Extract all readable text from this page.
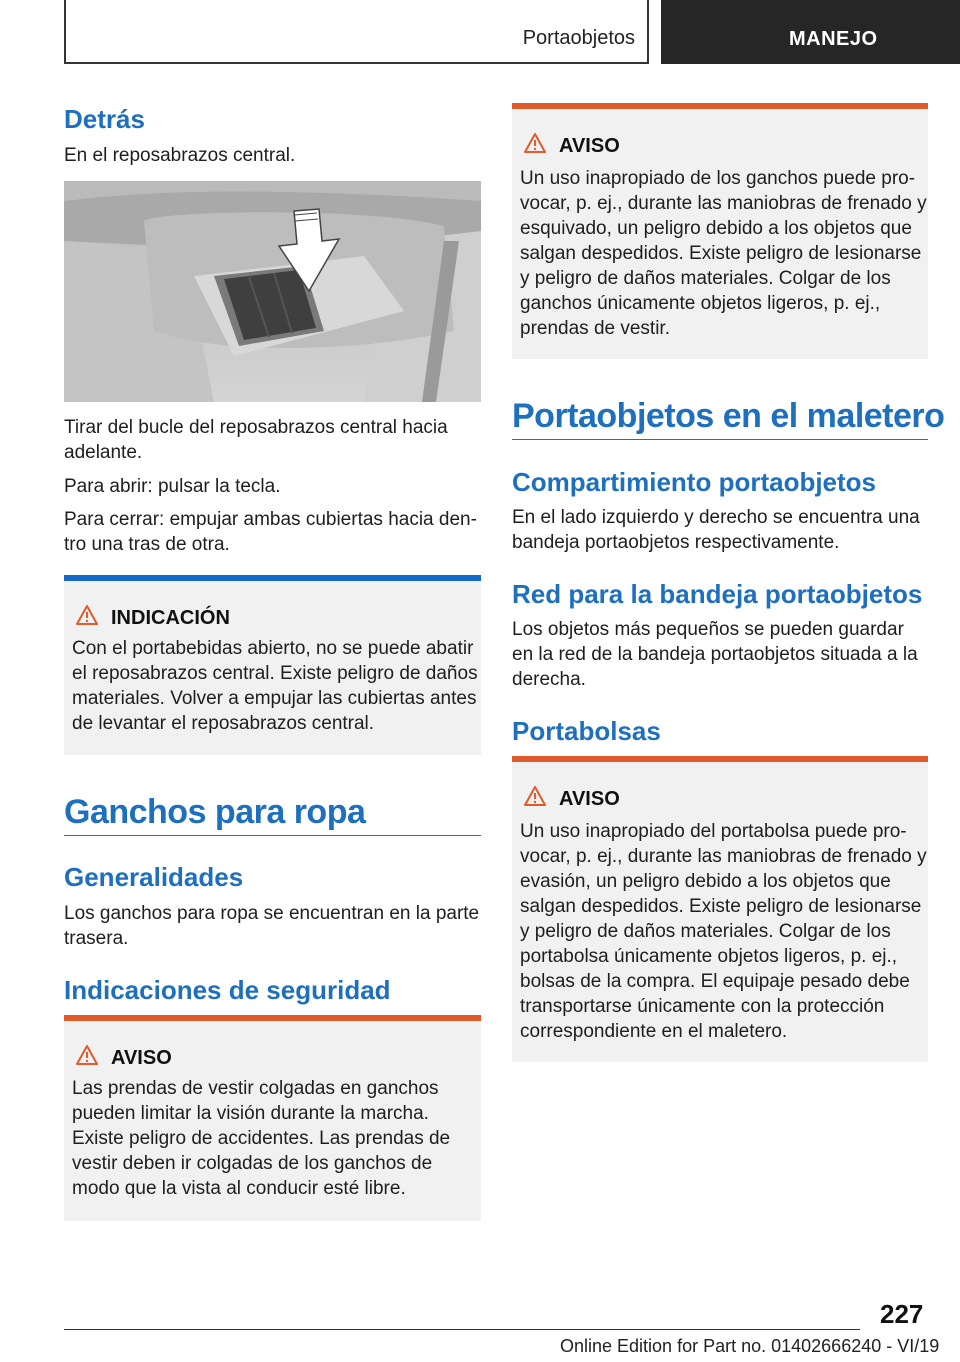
Portaobjetos	MANEJO
Detrás

En el reposabrazos central.

Tirar del bucle del reposabrazos central hacia

adelante.

Para abrir: pulsar la tecla.

Para cerrar: empujar ambas cubiertas hacia den-

tro una tras de otra.

INDICACIÓN
Con el portabebidas abierto, no se puede abatir
el reposabrazos central. Existe peligro de daños
materiales. Volver a empujar las cubiertas antes
de levantar el reposabrazos central.
Ganchos para ropa
Generalidades

Los ganchos para ropa se encuentran en la parte

trasera.

Indicaciones de seguridad
AVISO
Las prendas de vestir colgadas en ganchos
pueden limitar la visión durante la marcha.
Existe peligro de accidentes. Las prendas de
vestir deben ir colgadas de los ganchos de
modo que la vista al conducir esté libre.
AVISO
Un uso inapropiado de los ganchos puede pro-
vocar, p. ej., durante las maniobras de frenado y
esquivado, un peligro debido a los objetos que
salgan despedidos. Existe peligro de lesionarse
y peligro de daños materiales. Colgar de los
ganchos únicamente objetos ligeros, p. ej.,
prendas de vestir.
Portaobjetos en el maletero
Compartimiento portaobjetos

En el lado izquierdo y derecho se encuentra una

bandeja portaobjetos respectivamente.

Red para la bandeja portaobjetos

Los objetos más pequeños se pueden guardar

en la red de la bandeja portaobjetos situada a la

derecha.

Portabolsas
AVISO
Un uso inapropiado del portabolsa puede pro-
vocar, p. ej., durante las maniobras de frenado y
evasión, un peligro debido a los objetos que
salgan despedidos. Existe peligro de lesionarse
y peligro de daños materiales. Colgar de los
portabolsa únicamente objetos ligeros, p. ej.,
bolsas de la compra. El equipaje pesado debe
transportarse únicamente con la protección
correspondiente en el maletero.
227
Online Edition for Part no. 01402666240 - VI/19
